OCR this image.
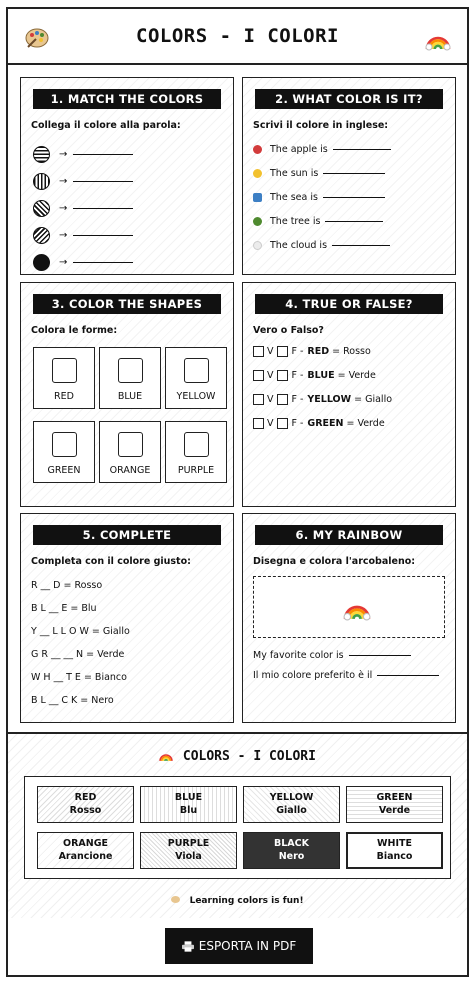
COLORS - I COLORI
1. MATCH THE COLORS
Collega il colore alla parola:
→
→
→
→
→
2. WHAT COLOR IS IT?
Scrivi il colore in inglese:
The apple is
The sun is
The sea is
The tree is
The cloud is
3. COLOR THE SHAPES
Colora le forme:
RED	BLUE	YELLOW
GREEN	ORANGE	PURPLE
4. TRUE OR FALSE?
Vero o Falso?
V F - RED = Rosso
V F - BLUE = Verde
V F - YELLOW = Giallo
V F - GREEN = Verde
5. COMPLETE
Completa con il colore giusto:
R __ D = Rosso
B L __ E = Blu
Y __ L L O W = Giallo
G R __ __ N = Verde
W H __ T E = Bianco
B L __ C K = Nero
6. MY RAINBOW
Disegna e colora l'arcobaleno:
My favorite color is
Il mio colore preferito è il
COLORS - I COLORI
RED
Rosso
BLUE
Blu
YELLOW
Giallo
GREEN
Verde
ORANGE
Arancione
PURPLE
Viola
BLACK
Nero
WHITE
Bianco
Learning colors is fun!
ESPORTA IN PDF
